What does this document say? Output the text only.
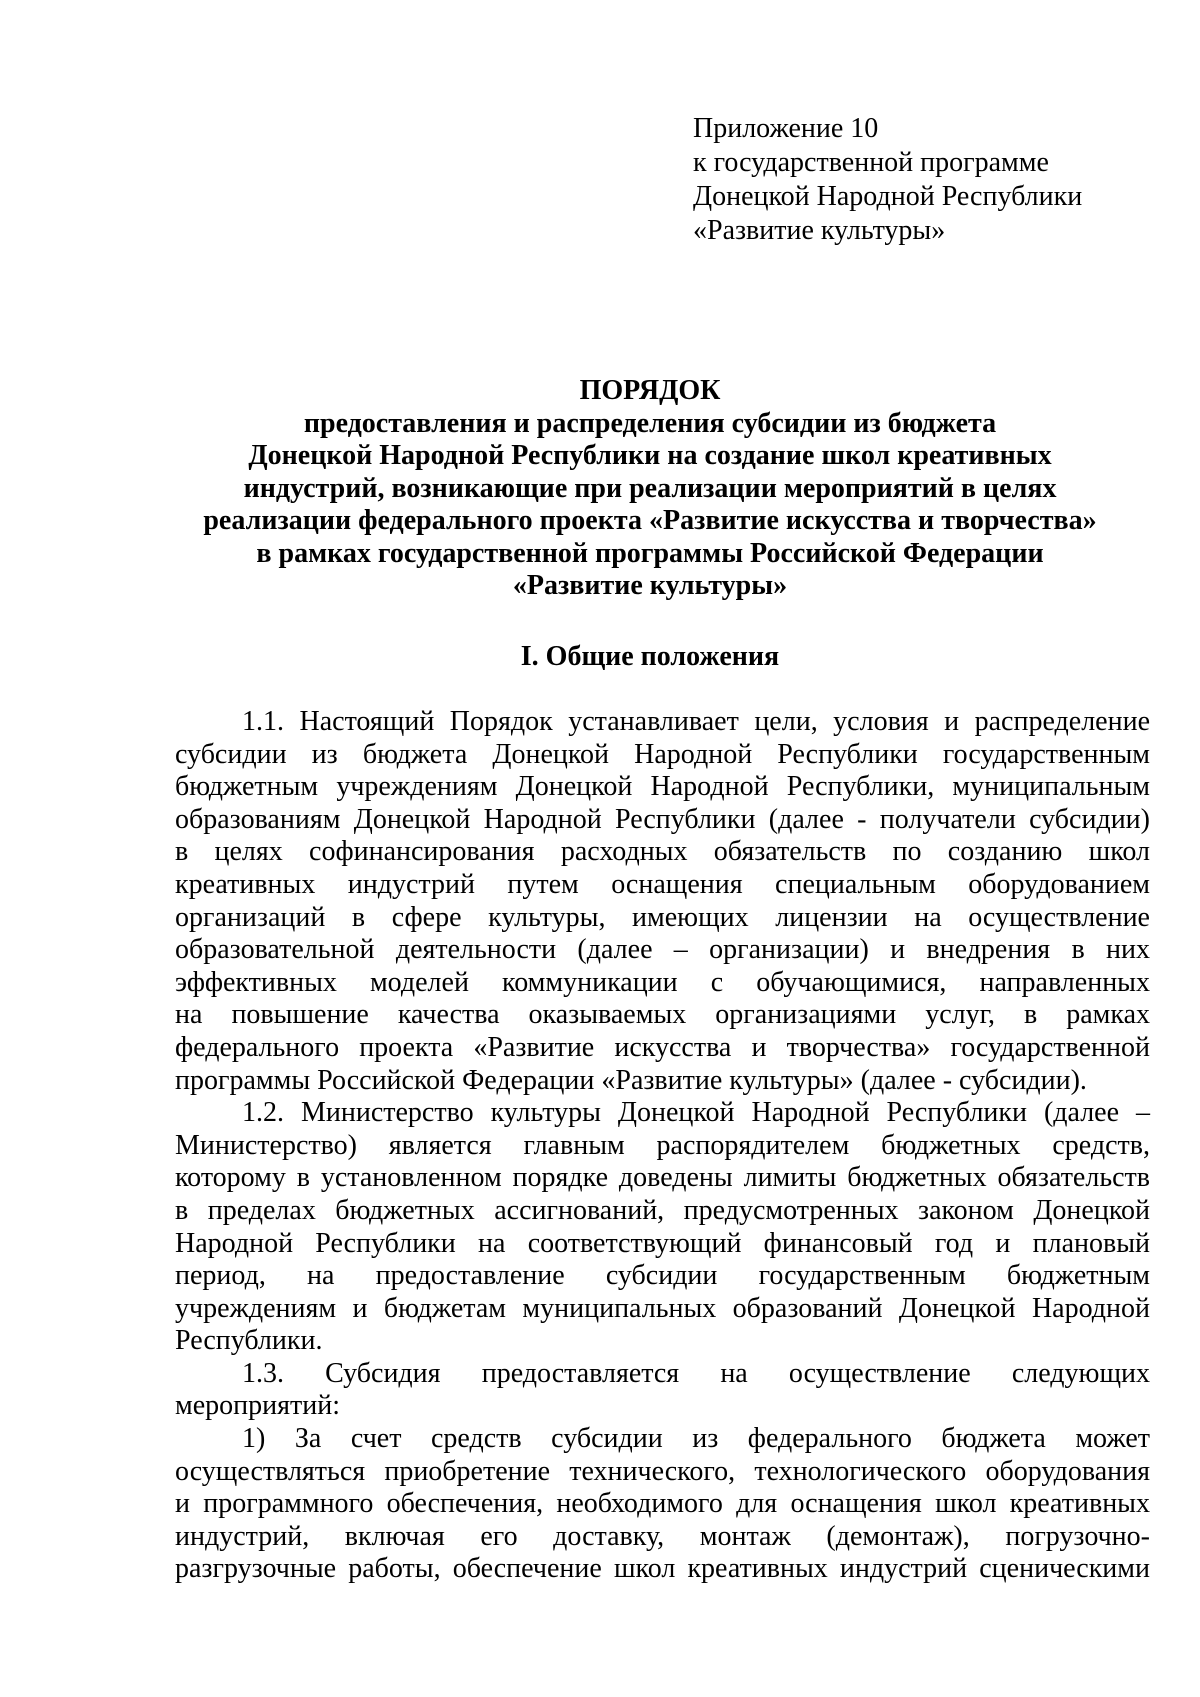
Приложение 10
к государственной программе
Донецкой Народной Республики
«Развитие культуры»
ПОРЯДОК
предоставления и распределения субсидии из бюджета
Донецкой Народной Республики на создание школ креативных
индустрий, возникающие при реализации мероприятий в целях
реализации федерального проекта «Развитие искусства и творчества»
в рамках государственной программы Российской Федерации
«Развитие культуры»
I. Общие положения
1.1. Настоящий Порядок устанавливает цели, условия и распределение
субсидии из бюджета Донецкой Народной Республики государственным
бюджетным учреждениям Донецкой Народной Республики, муниципальным
образованиям Донецкой Народной Республики (далее - получатели субсидии)
в целях софинансирования расходных обязательств по созданию школ
креативных индустрий путем оснащения специальным оборудованием
организаций в сфере культуры, имеющих лицензии на осуществление
образовательной деятельности (далее – организации) и внедрения в них
эффективных моделей коммуникации с обучающимися, направленных
на повышение качества оказываемых организациями услуг, в рамках
федерального проекта «Развитие искусства и творчества» государственной
программы Российской Федерации «Развитие культуры» (далее - субсидии).
1.2. Министерство культуры Донецкой Народной Республики (далее –
Министерство) является главным распорядителем бюджетных средств,
которому в установленном порядке доведены лимиты бюджетных обязательств
в пределах бюджетных ассигнований, предусмотренных законом Донецкой
Народной Республики на соответствующий финансовый год и плановый
период, на предоставление субсидии государственным бюджетным
учреждениям и бюджетам муниципальных образований Донецкой Народной
Республики.
1.3. Субсидия предоставляется на осуществление следующих
мероприятий:
1) За счет средств субсидии из федерального бюджета может
осуществляться приобретение технического, технологического оборудования
и программного обеспечения, необходимого для оснащения школ креативных
индустрий, включая его доставку, монтаж (демонтаж), погрузочно-
разгрузочные работы, обеспечение школ креативных индустрий сценическими
